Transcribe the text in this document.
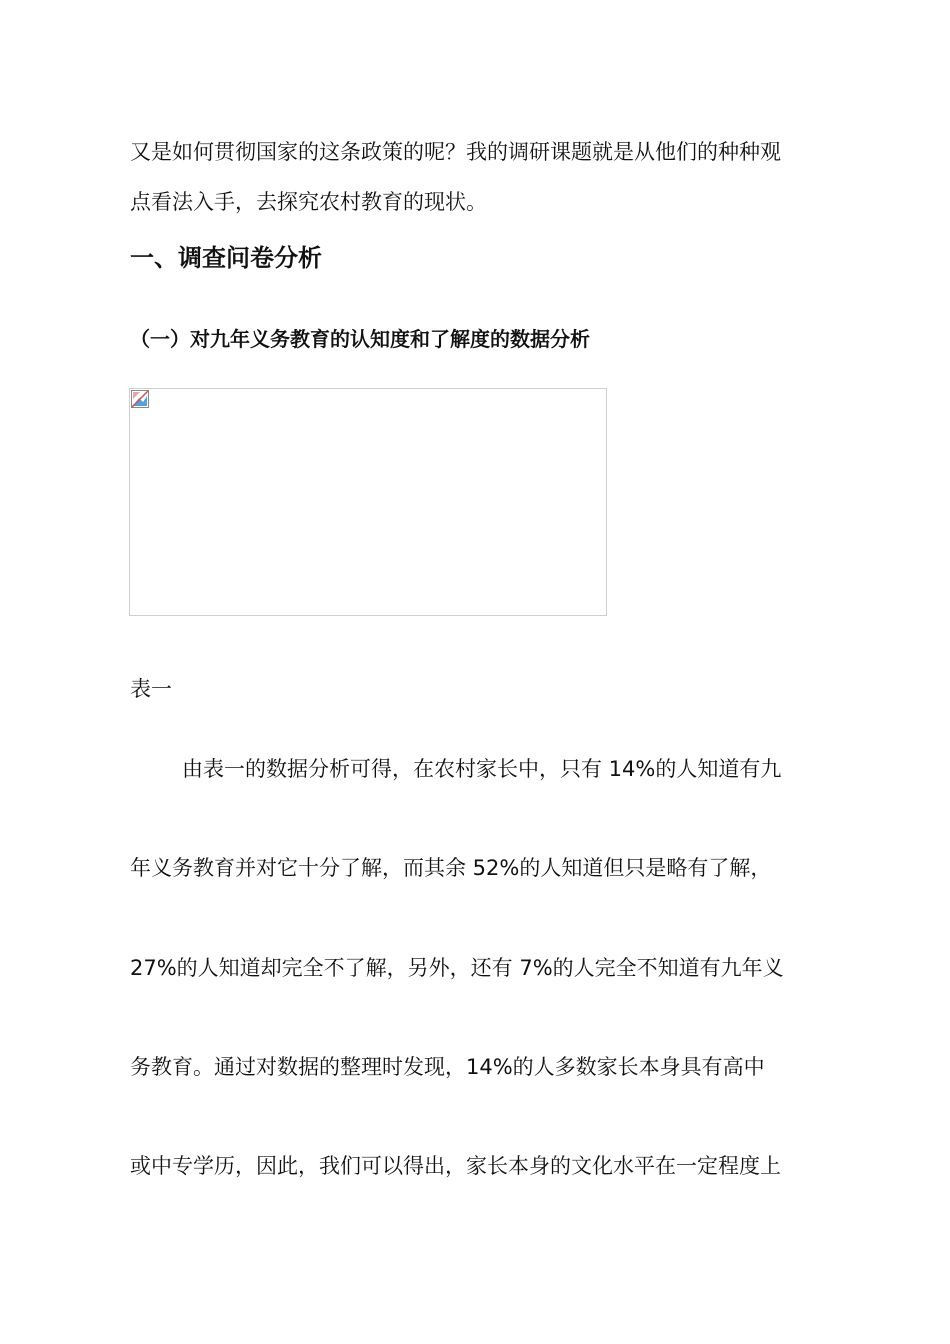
又是如何贯彻国家的这条政策的呢？我的调研课题就是从他们的种种观
点看法入手，去探究农村教育的现状。
一、调查问卷分析
（一）对九年义务教育的认知度和了解度的数据分析
表一
由表一的数据分析可得，在农村家长中，只有 14%的人知道有九
年义务教育并对它十分了解，而其余 52%的人知道但只是略有了解，
27%的人知道却完全不了解，另外，还有 7%的人完全不知道有九年义
务教育。通过对数据的整理时发现，14%的人多数家长本身具有高中
或中专学历，因此，我们可以得出，家长本身的文化水平在一定程度上
